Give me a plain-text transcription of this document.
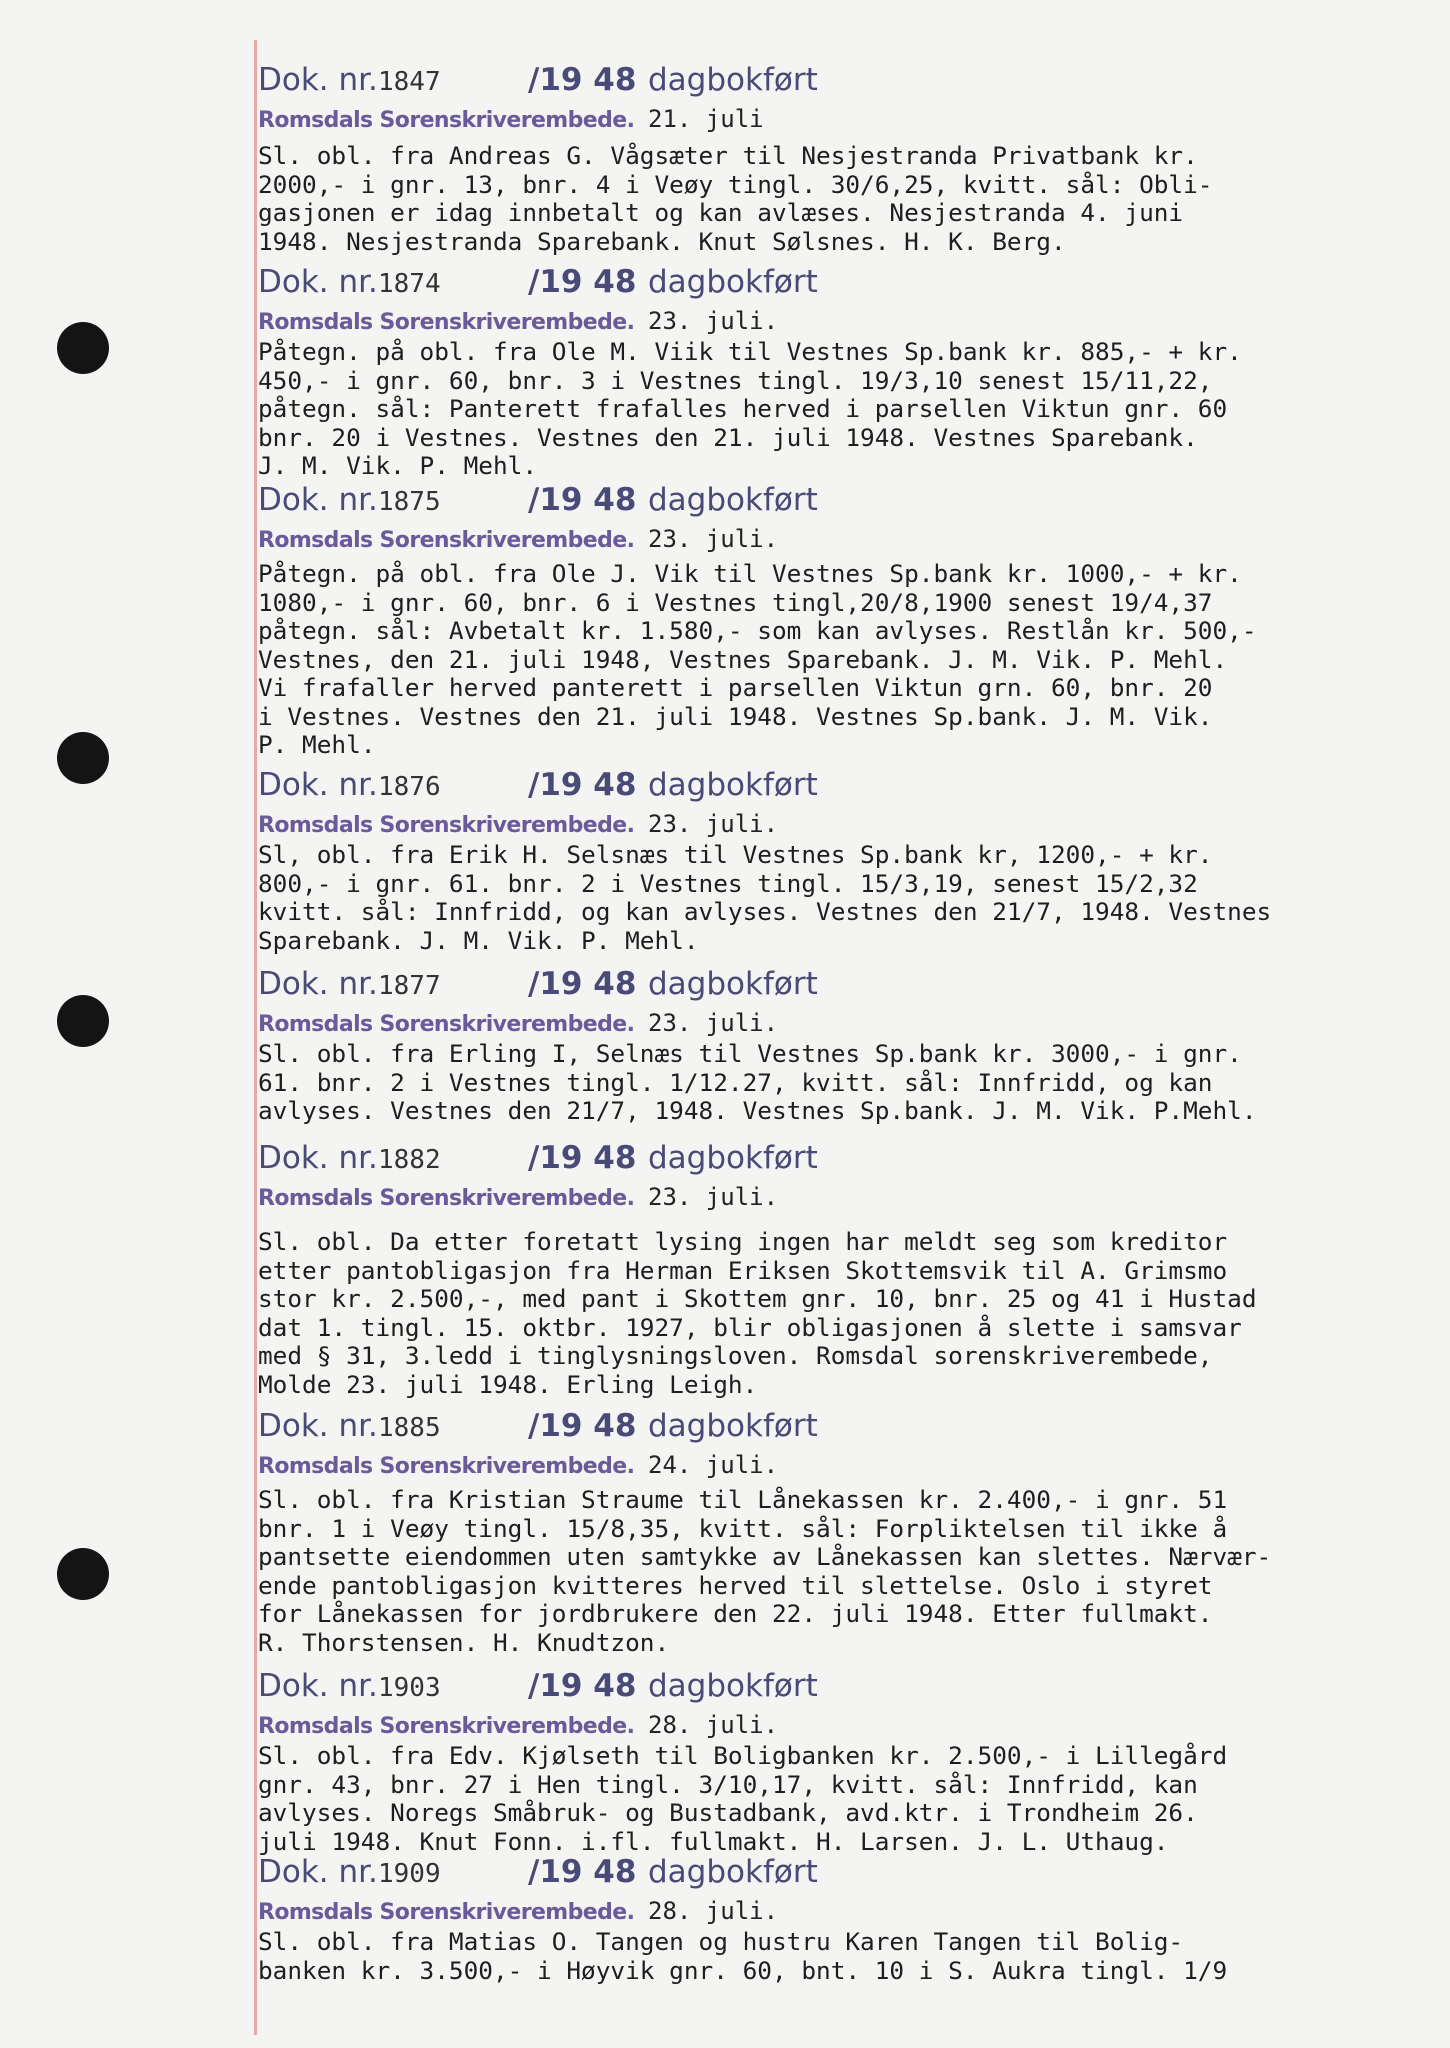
Dok. nr.1847	/19 48 dagbokført
Romsdals Sorenskriverembede. 21. juli
Sl. obl. fra Andreas G. Vågsæter til Nesjestranda Privatbank kr.
2000,- i gnr. 13, bnr. 4 i Veøy tingl. 30/6,25, kvitt. sål: Obli-
gasjonen er idag innbetalt og kan avlæses. Nesjestranda 4. juni
1948. Nesjestranda Sparebank. Knut Sølsnes. H. K. Berg.
Dok. nr.1874	/19 48 dagbokført
Romsdals Sorenskriverembede. 23. juli.
Påtegn. på obl. fra Ole M. Viik til Vestnes Sp.bank kr. 885,- + kr.
450,- i gnr. 60, bnr. 3 i Vestnes tingl. 19/3,10 senest 15/11,22,
påtegn. sål: Panterett frafalles herved i parsellen Viktun gnr. 60
bnr. 20 i Vestnes. Vestnes den 21. juli 1948. Vestnes Sparebank.
J. M. Vik. P. Mehl.
Dok. nr.1875	/19 48 dagbokført
Romsdals Sorenskriverembede. 23. juli.
Påtegn. på obl. fra Ole J. Vik til Vestnes Sp.bank kr. 1000,- + kr.
1080,- i gnr. 60, bnr. 6 i Vestnes tingl,20/8,1900 senest 19/4,37
påtegn. sål: Avbetalt kr. 1.580,- som kan avlyses. Restlån kr. 500,-
Vestnes, den 21. juli 1948, Vestnes Sparebank. J. M. Vik. P. Mehl.
Vi frafaller herved panterett i parsellen Viktun grn. 60, bnr. 20
i Vestnes. Vestnes den 21. juli 1948. Vestnes Sp.bank. J. M. Vik.
P. Mehl.
Dok. nr.1876	/19 48 dagbokført
Romsdals Sorenskriverembede. 23. juli.
Sl, obl. fra Erik H. Selsnæs til Vestnes Sp.bank kr, 1200,- + kr.
800,- i gnr. 61. bnr. 2 i Vestnes tingl. 15/3,19, senest 15/2,32
kvitt. sål: Innfridd, og kan avlyses. Vestnes den 21/7, 1948. Vestnes
Sparebank. J. M. Vik. P. Mehl.
Dok. nr.1877	/19 48 dagbokført
Romsdals Sorenskriverembede. 23. juli.
Sl. obl. fra Erling I, Selnæs til Vestnes Sp.bank kr. 3000,- i gnr.
61. bnr. 2 i Vestnes tingl. 1/12.27, kvitt. sål: Innfridd, og kan
avlyses. Vestnes den 21/7, 1948. Vestnes Sp.bank. J. M. Vik. P.Mehl.
Dok. nr.1882	/19 48 dagbokført
Romsdals Sorenskriverembede. 23. juli.
Sl. obl. Da etter foretatt lysing ingen har meldt seg som kreditor
etter pantobligasjon fra Herman Eriksen Skottemsvik til A. Grimsmo
stor kr. 2.500,-, med pant i Skottem gnr. 10, bnr. 25 og 41 i Hustad
dat 1. tingl. 15. oktbr. 1927, blir obligasjonen å slette i samsvar
med § 31, 3.ledd i tinglysningsloven. Romsdal sorenskriverembede,
Molde 23. juli 1948. Erling Leigh.
Dok. nr.1885	/19 48 dagbokført
Romsdals Sorenskriverembede. 24. juli.
Sl. obl. fra Kristian Straume til Lånekassen kr. 2.400,- i gnr. 51
bnr. 1 i Veøy tingl. 15/8,35, kvitt. sål: Forpliktelsen til ikke å
pantsette eiendommen uten samtykke av Lånekassen kan slettes. Nærvær-
ende pantobligasjon kvitteres herved til slettelse. Oslo i styret
for Lånekassen for jordbrukere den 22. juli 1948. Etter fullmakt.
R. Thorstensen. H. Knudtzon.
Dok. nr.1903	/19 48 dagbokført
Romsdals Sorenskriverembede. 28. juli.
Sl. obl. fra Edv. Kjølseth til Boligbanken kr. 2.500,- i Lillegård
gnr. 43, bnr. 27 i Hen tingl. 3/10,17, kvitt. sål: Innfridd, kan
avlyses. Noregs Småbruk- og Bustadbank, avd.ktr. i Trondheim 26.
juli 1948. Knut Fonn. i.fl. fullmakt. H. Larsen. J. L. Uthaug.
Dok. nr.1909	/19 48 dagbokført
Romsdals Sorenskriverembede. 28. juli.
Sl. obl. fra Matias O. Tangen og hustru Karen Tangen til Bolig-
banken kr. 3.500,- i Høyvik gnr. 60, bnt. 10 i S. Aukra tingl. 1/9
